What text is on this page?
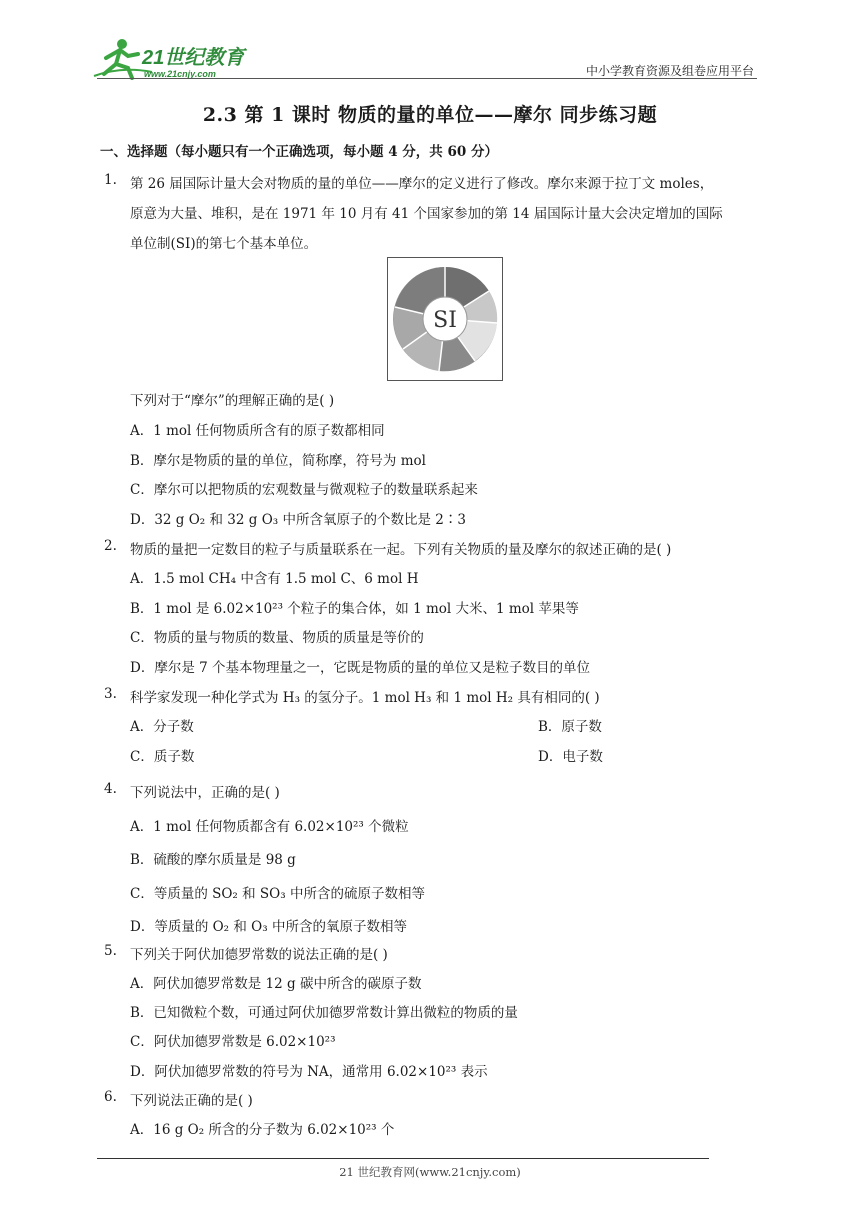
21世纪教育
www.21cnjy.com	中小学教育资源及组卷应用平台
2.3 第 1 课时 物质的量的单位——摩尔 同步练习题
一、选择题（每小题只有一个正确选项，每小题 4 分，共 60 分）
1. 第 26 届国际计量大会对物质的量的单位——摩尔的定义进行了修改。摩尔来源于拉丁文 moles，
原意为大量、堆积，是在 1971 年 10 月有 41 个国家参加的第 14 届国际计量大会决定增加的国际
单位制(SI)的第七个基本单位。
SI
下列对于“摩尔”的理解正确的是( )
A．1 mol 任何物质所含有的原子数都相同
B．摩尔是物质的量的单位，简称摩，符号为 mol
C．摩尔可以把物质的宏观数量与微观粒子的数量联系起来
D．32 g O₂ 和 32 g O₃ 中所含氧原子的个数比是 2∶3
2. 物质的量把一定数目的粒子与质量联系在一起。下列有关物质的量及摩尔的叙述正确的是( )
A．1.5 mol CH₄ 中含有 1.5 mol C、6 mol H
B．1 mol 是 6.02×10²³ 个粒子的集合体，如 1 mol 大米、1 mol 苹果等
C．物质的量与物质的数量、物质的质量是等价的
D．摩尔是 7 个基本物理量之一，它既是物质的量的单位又是粒子数目的单位
3. 科学家发现一种化学式为 H₃ 的氢分子。1 mol H₃ 和 1 mol H₂ 具有相同的( )
A．分子数	B．原子数
C．质子数	D．电子数
4. 下列说法中，正确的是( )
A．1 mol 任何物质都含有 6.02×10²³ 个微粒
B．硫酸的摩尔质量是 98 g
C．等质量的 SO₂ 和 SO₃ 中所含的硫原子数相等
D．等质量的 O₂ 和 O₃ 中所含的氧原子数相等
5. 下列关于阿伏加德罗常数的说法正确的是( )
A．阿伏加德罗常数是 12 g 碳中所含的碳原子数
B．已知微粒个数，可通过阿伏加德罗常数计算出微粒的物质的量
C．阿伏加德罗常数是 6.02×10²³
D．阿伏加德罗常数的符号为 NA，通常用 6.02×10²³ 表示
6. 下列说法正确的是( )
A．16 g O₂ 所含的分子数为 6.02×10²³ 个
21 世纪教育网(www.21cnjy.com)
